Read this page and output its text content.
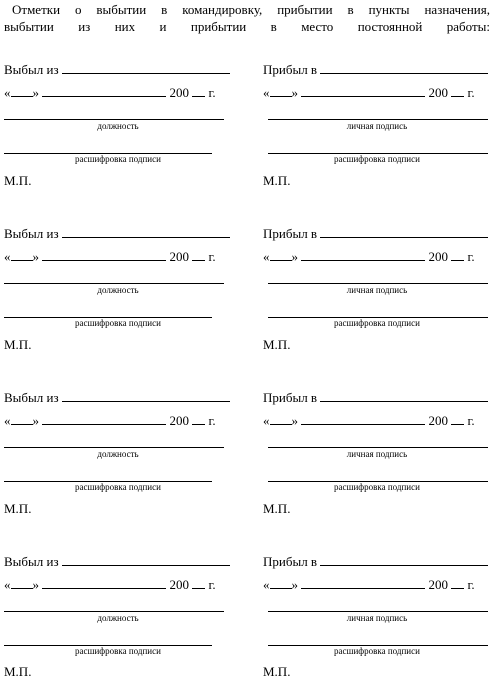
Отметки о выбытии в командировку, прибытии в пункты назначения,
выбытии из них и прибытии в место постоянной работы:
Выбыл из
« »	200 г.
должность
расшифровка подписи
М.П.
Прибыл в
« »	200 г.
личная подпись
расшифровка подписи
М.П.
Выбыл из
« »	200 г.
должность
расшифровка подписи
М.П.
Прибыл в
« »	200 г.
личная подпись
расшифровка подписи
М.П.
Выбыл из
« »	200 г.
должность
расшифровка подписи
М.П.
Прибыл в
« »	200 г.
личная подпись
расшифровка подписи
М.П.
Выбыл из
« »	200 г.
должность
расшифровка подписи
М.П.
Прибыл в
« »	200 г.
личная подпись
расшифровка подписи
М.П.
